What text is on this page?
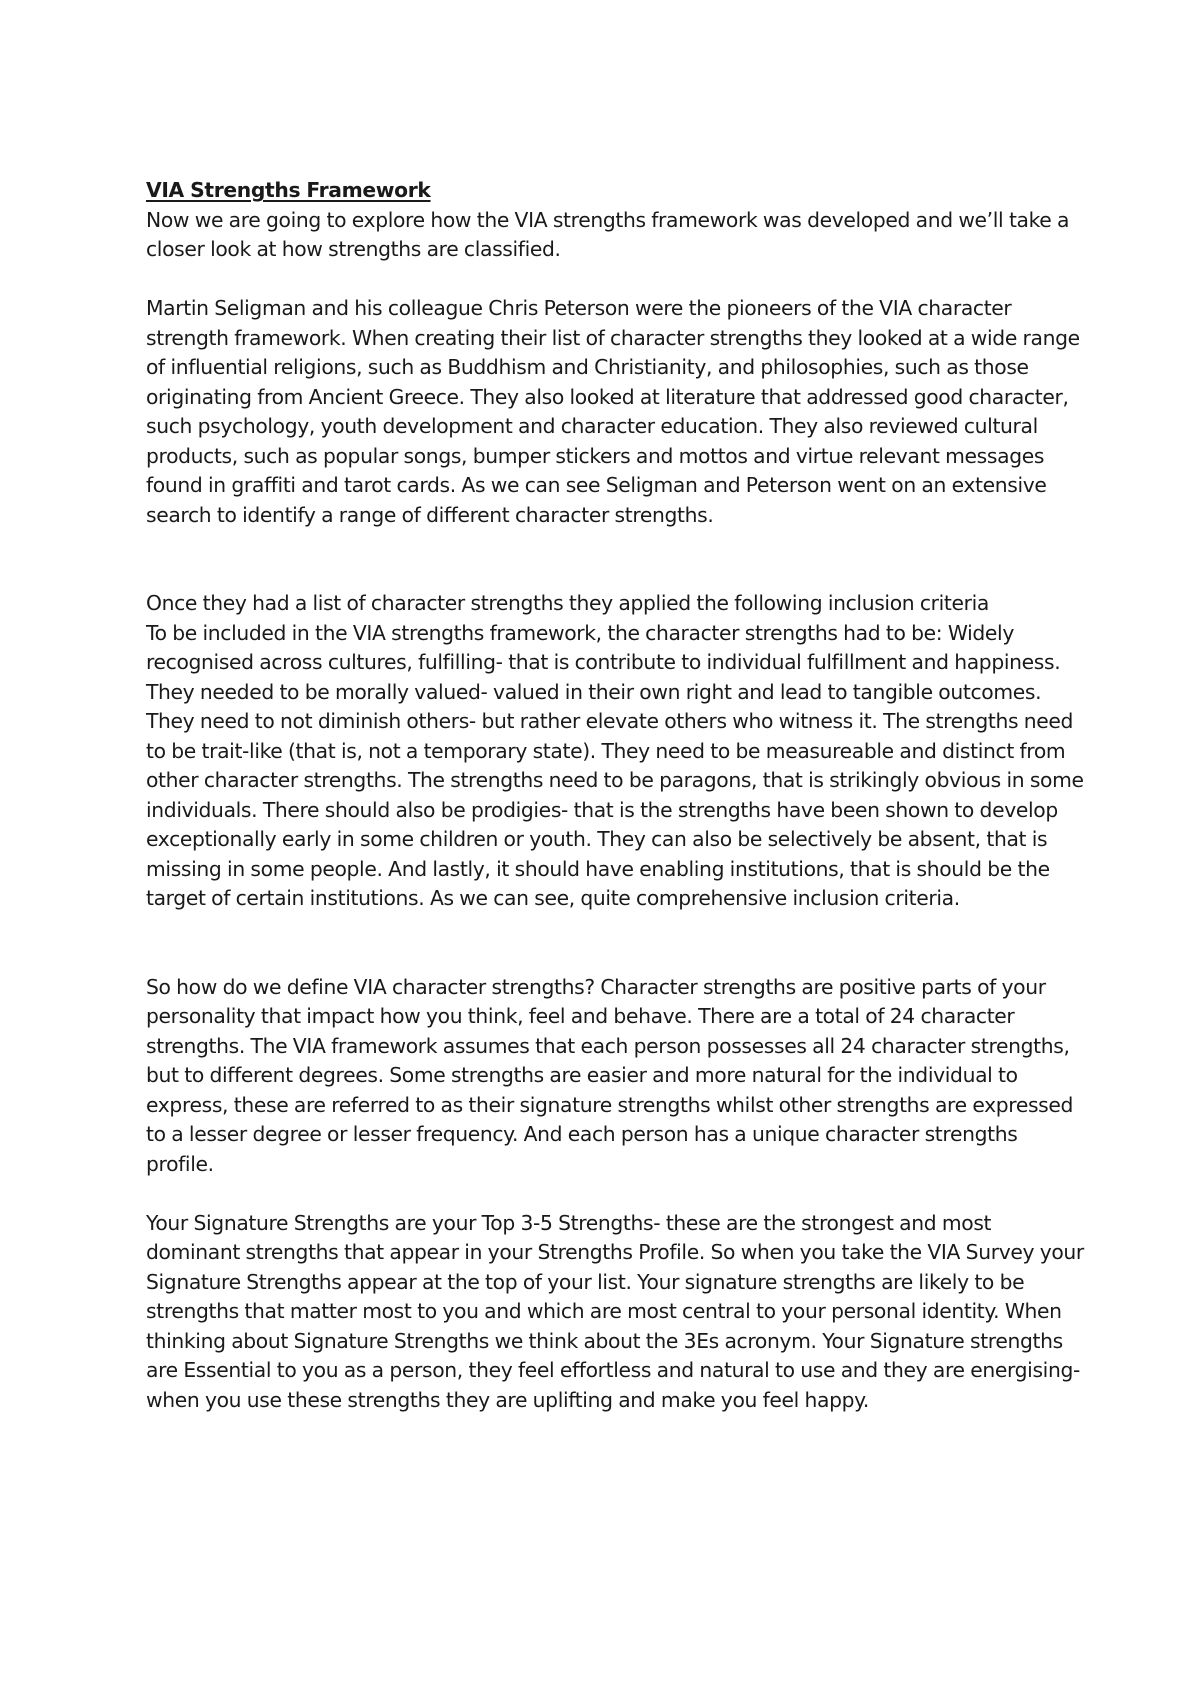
VIA Strengths Framework

Now we are going to explore how the VIA strengths framework was developed and we’ll take a closer look at how strengths are classified.

Martin Seligman and his colleague Chris Peterson were the pioneers of the VIA character strength framework. When creating their list of character strengths they looked at a wide range of influential religions, such as Buddhism and Christianity, and philosophies, such as those originating from Ancient Greece. They also looked at literature that addressed good character, such psychology, youth development and character education. They also reviewed cultural products, such as popular songs, bumper stickers and mottos and virtue relevant messages found in graffiti and tarot cards. As we can see Seligman and Peterson went on an extensive search to identify a range of different character strengths.

Once they had a list of character strengths they applied the following inclusion criteria

To be included in the VIA strengths framework, the character strengths had to be: Widely recognised across cultures, fulfilling- that is contribute to individual fulfillment and happiness. They needed to be morally valued- valued in their own right and lead to tangible outcomes. They need to not diminish others- but rather elevate others who witness it. The strengths need to be trait-like (that is, not a temporary state). They need to be measureable and distinct from other character strengths. The strengths need to be paragons, that is strikingly obvious in some individuals. There should also be prodigies- that is the strengths have been shown to develop exceptionally early in some children or youth. They can also be selectively be absent, that is missing in some people. And lastly, it should have enabling institutions, that is should be the target of certain institutions. As we can see, quite comprehensive inclusion criteria.

So how do we define VIA character strengths? Character strengths are positive parts of your personality that impact how you think, feel and behave. There are a total of 24 character strengths. The VIA framework assumes that each person possesses all 24 character strengths, but to different degrees. Some strengths are easier and more natural for the individual to express, these are referred to as their signature strengths whilst other strengths are expressed to a lesser degree or lesser frequency. And each person has a unique character strengths profile.

Your Signature Strengths are your Top 3-5 Strengths- these are the strongest and most dominant strengths that appear in your Strengths Profile. So when you take the VIA Survey your Signature Strengths appear at the top of your list. Your signature strengths are likely to be strengths that matter most to you and which are most central to your personal identity. When thinking about Signature Strengths we think about the 3Es acronym. Your Signature strengths are Essential to you as a person, they feel effortless and natural to use and they are energising- when you use these strengths they are uplifting and make you feel happy.
